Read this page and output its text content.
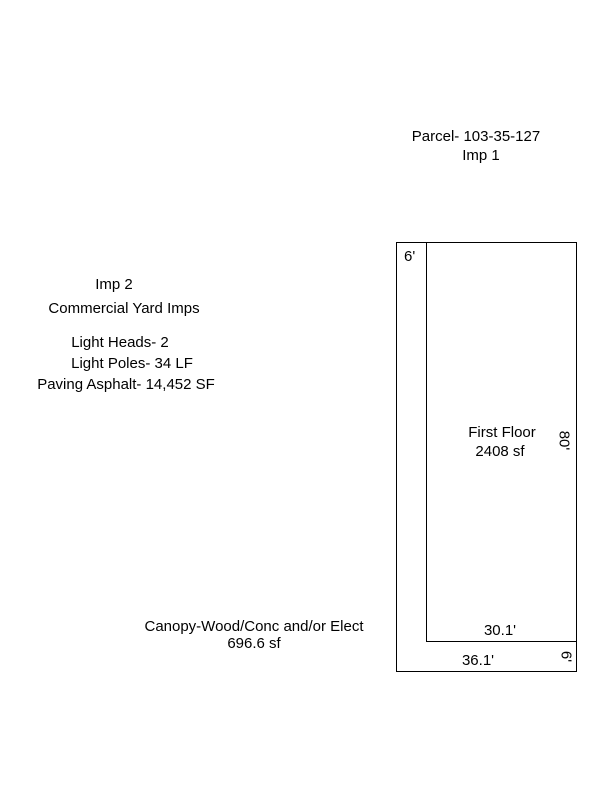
Parcel- 103-35-127
Imp 1
Imp 2
Commercial Yard Imps
Light Heads- 2
Light Poles- 34 LF
Paving Asphalt- 14,452 SF
6'
First Floor
2408 sf
80'
30.1'
36.1'	6'
Canopy-Wood/Conc and/or Elect
696.6 sf
